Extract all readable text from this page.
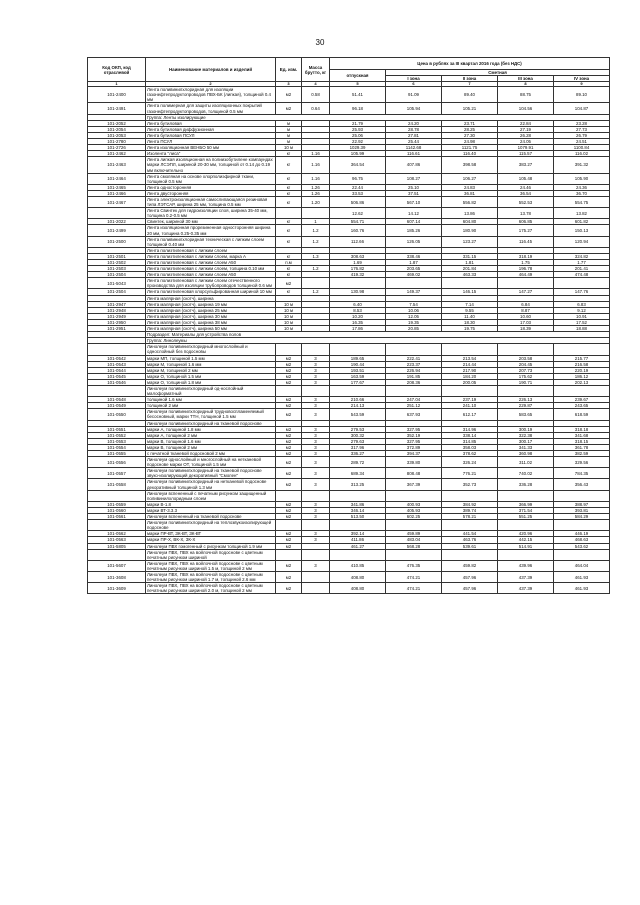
30
Код ОКП, код отраслевой	Наименование материалов и изделий	Ед. изм.	Масса брутто, кг	Цена в рублях за III квартал 2016 года (без НДС)				
				отпускная	Сметная			
					I зона	II зона	III зона	IV зона
1	2	3	4	5	6	7	8	9
101-2400	Лента поливинилхлоридная для изоляции газонефтепродуктопроводов ПВХ-БК (липкая), толщиной 0.4 мм	м2	0.58	51.41	91.09	89.40	88.75	89.10
101-2491	Лента полимерная для защиты изоляционных покрытий газонефтепродуктопроводов, толщиной 0.5 мм	м2	0.64	96.18	105.94	105.21	104.56	104.87
	Группа: Ленты изолирующие							
101-2052	Лента бутиловая	м		21.79	24.20	23.71	22.84	23.28
101-2054	Лента бутиловая диффузионная	м		25.93	28.78	28.25	27.19	27.73
101-2053	Лента бутиловая ПСУЛ	м		25.06	27.81	27.30	26.28	26.79
101-2780	Лента ПСУЛ	м		22.92	25.44	24.98	24.05	24.51
101-2726	Лента изоляционная ВЕНБО 50 мм	10 м		1029.39	1142.68	1121.75	1079.91	1100.84
101-2462	Изолента "лиса"	кг	1.16	105.99	116.61	116.40	115.57	116.02
101-2463	Лента липкая изоляционная на полиизобутилене компаундах марки ЛСЭПЛ, шириной 20-30 мм, толщиной от 0.14 до 0.19 мм включительно	кг	1.16	364.54	407.86	398.58	383.27	391.32
101-2464	Лента смоляная на основе хлорполиэфирной ткани, толщиной 0.5 мм	кг	1.16	96.75	108.27	106.27	105.48	105.90
101-2465	Лента односторонняя	кг	1.26	22.44	25.10	24.83	24.46	24.36
101-2466	Лента двусторонняя	кг	1.26	33.53	37.51	36.81	36.54	36.70
101-2467	Лента электроизоляционная самослипающаяся резиновая типа ЛЭТСАР, ширина 25 мм, толщина 0.5 мм	кг	1.20	506.86	567.10	556.82	552.53	554.75
	Лента Свинтек для гидроизоляции слоя, ширина 35-40 мм, толщина 0.2-0.5 мм			12.62	14.12	13.86	13.78	13.82
101-2022	Свинтек, шириной 30 мм	кг	1	554.71	607.14	604.80	606.85	601.82
101-2499	Лента изоляционная прорезиненная односторонняя ширина 20 мм, толщина 0.25-0.35 мм	кг	1.2	160.76	185.26	180.90	175.27	150.13
101-2500	Лента поливинилхлоридная техническая с липким слоем толщиной 0.40 мм	кг	1.2	112.66	126.05	123.27	116.45	120.94
	Лента полиэтиленовая с липким слоем							
101-2501	Лента полиэтиленовая с липким слоем, марка А	кг	1.3	308.63	338.46	331.15	318.19	324.82
101-2502	Лента полиэтиленовая с липким слоем А50	п.м		1.69	1.87	1.81	1.75	1.77
101-2503	Лента полиэтиленовая с липким слоем, толщина 0.10 мм	кг	1.2	176.82	203.65	201.84	196.78	201.41
101-2504	Лента полиэтиленовая с липким слоем А50	кг		419.32	469.02	463.33	464.49	474.48
101-5043	Лента полиэтиленовая с липким слоем отечественного производства для изоляции трубопроводов толщиной 0.6 мм	м2						
101-2504	Лента полиэтиленовая хлорсульфированная шириной 10 мм	кг	1.2	130.98	149.37	146.15	147.27	147.76
	Лента малярная (скотч), ширина							
101-2947	Лента малярная (скотч), ширина 19 мм	10 м		6.40	7.54	7.14	6.84	6.83
101-2948	Лента малярная (скотч), ширина 25 мм	10 м		8.53	10.06	9.55	8.87	9.12
101-2949	Лента малярная (скотч), ширина 30 мм	10 м		10.20	12.05	11.40	10.60	10.91
101-2950	Лента малярная (скотч), ширина 38 мм	10 м		16.35	19.35	18.30	17.03	17.52
101-2951	Лента малярная (скотч), ширина 50 мм	10 м		17.86	20.85	19.75	18.39	18.88
	Подраздел: Материалы для устройства полов							
	Группа: Линолеумы							
	Линолеум поливинилхлоридный многослойный и однослойный без подосновы							
101-0542	марки МП, толщиной 1.5 мм	м2	3	189.65	222.41	213.54	203.58	215.77
101-0543	марки М, толщиной 1.6 мм	м2	3	190.44	223.37	214.44	204.45	216.58
101-0544	марки М, толщиной 2 мм	м2	3	193.51	226.94	217.90	207.73	220.19
101-0545	марки О, толщиной 1.5 мм	м2	3	163.59	191.85	184.20	175.62	186.12
101-0546	марки О, толщиной 1.8 мм	м2	3	177.67	208.36	200.05	190.71	202.13
	Линолеум поливинилхлоридный од-нослойный малоформатный							
101-0548	толщиной 1.6 мм	м2	3	210.66	247.04	237.19	226.13	239.67
101-0549	толщиной 2 мм	м2	3	214.13	251.12	241.10	229.87	243.65
101-0550	Линолеум поливинилхлоридный трудновоспламеняемый бесосновный, марки ТТН, толщиной 1.5 мм	м2	3	543.59	637.93	612.17	583.65	618.59
	Линолеум поливинилхлоридный на тканевой подоснове							
101-0551	марки А, толщиной 1.8 мм	м2	3	279.53	327.95	314.96	300.19	318.18
101-0552	марки А, толщиной 2 мм	м2	3	300.32	352.19	338.14	322.38	341.68
101-0553	марки В, толщиной 1.6 мм	м2	3	279.63	327.95	314.85	300.17	318.15
101-0554	марки В, толщиной 2 мм	м2	3	317.96	372.89	358.03	341.33	361.78
101-0555	с печатной тканевой подосновой 2 мм	м2	3	336.27	394.37	378.62	360.98	382.59
101-0556	Линолеум однослойный и многослойный на нетканевой подоснове марки ОТ, толщиной 1.5 мм	м2	3	289.72	339.80	326.24	311.02	329.56
101-0557	Линолеум поливинилхлоридный на тканевой подоснове звуко-изолирующий декоративный "Смолен"	м2	3	689.34	808.48	776.21	740.02	784.35
101-0558	Линолеум поливинилхлоридный на нетканевой подоснове декоративный толщиной 1.3 мм	м2	3	313.25	367.39	352.73	336.28	356.43
	Линолеум вспененный с печатным рисунком защищенный поливинилхлоридным слоем							
101-0559	марки В-1.8	м2	3	341.86	400.93	384.92	366.99	388.97
101-0560	марки ВТ-3.3.3	м2	3	346.14	405.93	389.74	371.54	393.81
101-0561	Линолеум вспененный на тканевой подоснове	м2	3	513.50	602.25	578.21	551.25	584.29
	Линолеум поливинилхлоридный на теплозвукоизолирующей подоснове							
101-0562	марки ПР-ВТ, ЗК-ВТ, ЗК-ВТ	м2	3	392.14	459.89	441.54	420.96	446.19
101-0563	марки ПР-Х, ВК-Х, ЗК-Х	м2	3	411.86	483.04	463.76	442.15	468.63
101-5805	Линолеум ПВХ гомогенный с рисунком толщиной 1.9 мм	м2		461.27	568.28	539.61	514.91	543.62
	Линолеум ПВХ, ПВХ на войлочной подоснове с цветным печатным рисунком шириной							
101-5607	Линолеум ПВХ, ПВХ на войлочной подоснове с цветным печатным рисунком шириной 1.5 м, толщиной 2 мм	м2	3	410.85	476.35	459.82	439.96	464.04
101-3608	Линолеум ПВХ, ПВХ на войлочной подоснове с цветным печатным рисунком шириной 1.7 м, толщиной 2.6 мм	м2		408.80	474.21	457.96	437.39	461.93
101-3609	Линолеум ПВХ, ПВХ на войлочной подоснове с цветным печатным рисунком шириной 2.0 м, толщиной 2 мм	м2		408.80	474.21	457.96	437.39	461.93
